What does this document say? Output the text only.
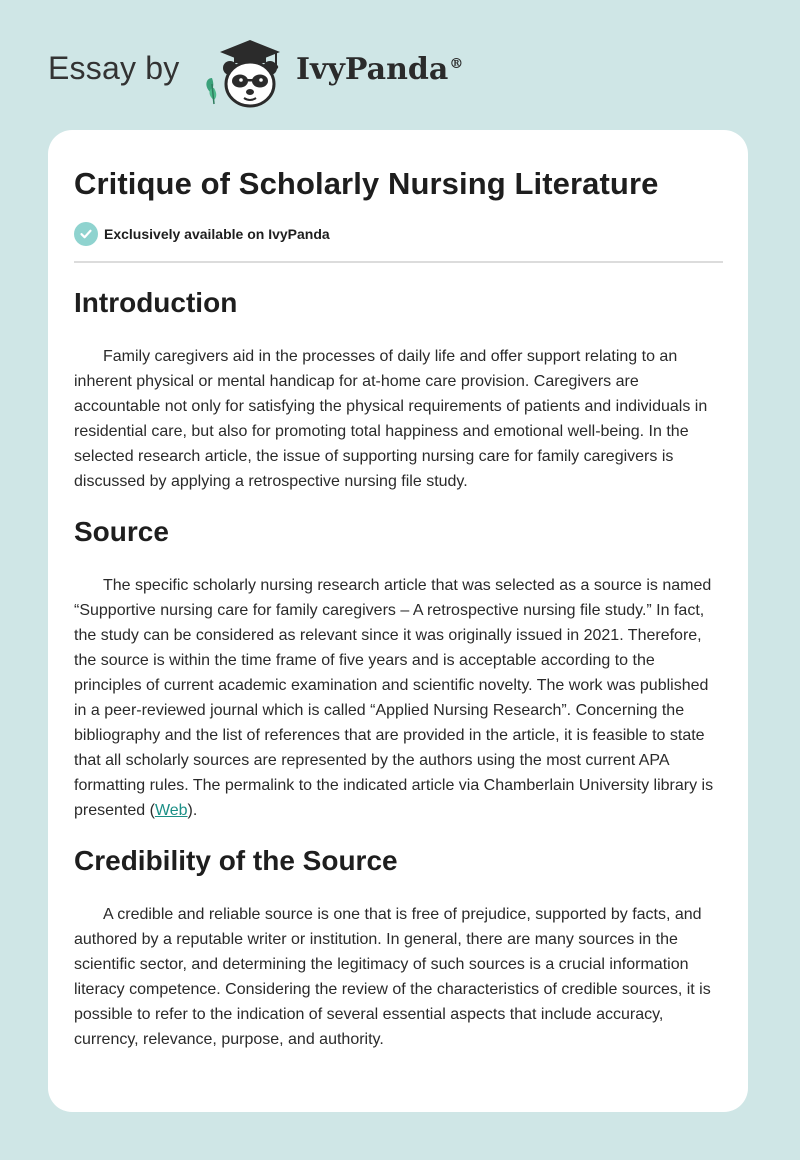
Essay by	IvyPanda®
Critique of Scholarly Nursing Literature
Exclusively available on IvyPanda
Introduction

Family caregivers aid in the processes of daily life and offer support relating to an inherent physical or mental handicap for at-home care provision. Caregivers are accountable not only for satisfying the physical requirements of patients and individuals in residential care, but also for promoting total happiness and emotional well-being. In the selected research article, the issue of supporting nursing care for family caregivers is discussed by applying a retrospective nursing file study.

Source

The specific scholarly nursing research article that was selected as a source is named “Supportive nursing care for family caregivers – A retrospective nursing file study.” In fact, the study can be considered as relevant since it was originally issued in 2021. Therefore, the source is within the time frame of five years and is acceptable according to the principles of current academic examination and scientific novelty. The work was published in a peer-reviewed journal which is called “Applied Nursing Research”. Concerning the bibliography and the list of references that are provided in the article, it is feasible to state that all scholarly sources are represented by the authors using the most current APA formatting rules. The permalink to the indicated article via Chamberlain University library is presented (Web).

Credibility of the Source

A credible and reliable source is one that is free of prejudice, supported by facts, and authored by a reputable writer or institution. In general, there are many sources in the scientific sector, and determining the legitimacy of such sources is a crucial information literacy competence. Considering the review of the characteristics of credible sources, it is possible to refer to the indication of several essential aspects that include accuracy, currency, relevance, purpose, and authority.
